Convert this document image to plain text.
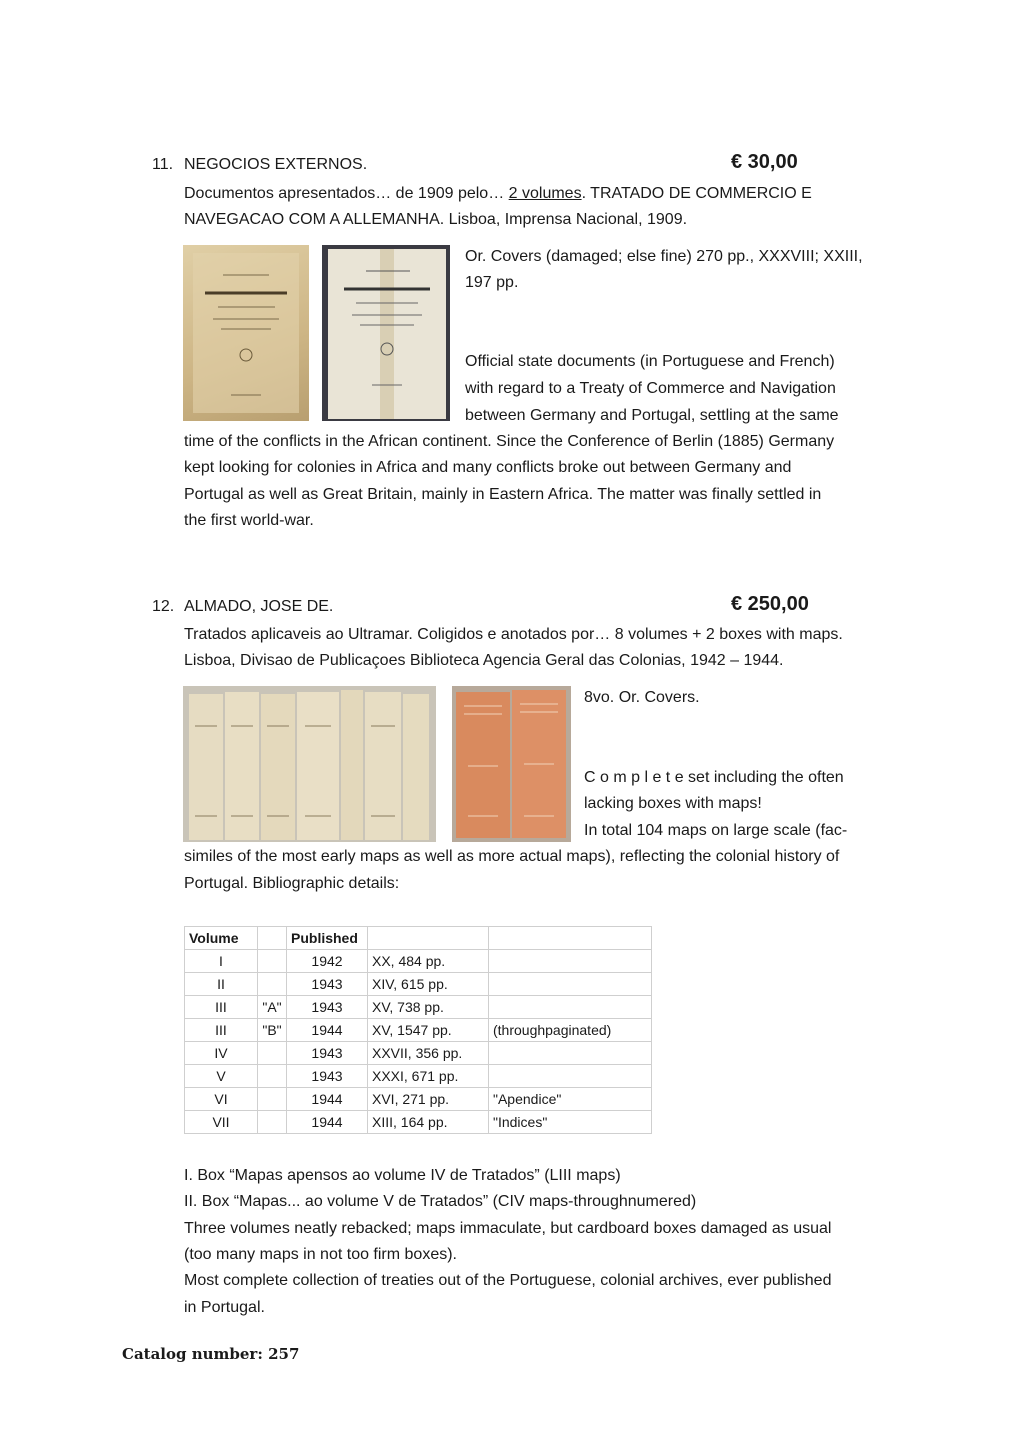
11. NEGOCIOS EXTERNOS.	€ 30,00
Documentos apresentados… de 1909 pelo… 2 volumes. TRATADO DE COMMERCIO E
NAVEGACAO COM A ALLEMANHA. Lisboa, Imprensa Nacional, 1909.
Or. Covers (damaged; else fine) 270 pp., XXXVIII; XXIII,
197 pp.
Official state documents (in Portuguese and French)
with regard to a Treaty of Commerce and Navigation
between Germany and Portugal, settling at the same
time of the conflicts in the African continent. Since the Conference of Berlin (1885) Germany
kept looking for colonies in Africa and many conflicts broke out between Germany and
Portugal as well as Great Britain, mainly in Eastern Africa. The matter was finally settled in
the first world-war.
12. ALMADO, JOSE DE.	€ 250,00
Tratados aplicaveis ao Ultramar. Coligidos e anotados por… 8 volumes + 2 boxes with maps.
Lisboa, Divisao de Publicaçoes Biblioteca Agencia Geral das Colonias, 1942 – 1944.
8vo. Or. Covers.
C o m p l e t e set including the often
lacking boxes with maps!
In total 104 maps on large scale (fac-
similes of the most early maps as well as more actual maps), reflecting the colonial history of
Portugal. Bibliographic details:
Volume		Published		
I		1942	XX, 484 pp.	
II		1943	XIV, 615 pp.	
III	"A"	1943	XV, 738 pp.	
III	"B"	1944	XV, 1547 pp.	(throughpaginated)
IV		1943	XXVII, 356 pp.	
V		1943	XXXI, 671 pp.	
VI		1944	XVI, 271 pp.	"Apendice"
VII		1944	XIII, 164 pp.	"Indices"
I. Box “Mapas apensos ao volume IV de Tratados” (LIII maps)
II. Box “Mapas... ao volume V de Tratados” (CIV maps-throughnumered)
Three volumes neatly rebacked; maps immaculate, but cardboard boxes damaged as usual
(too many maps in not too firm boxes).
Most complete collection of treaties out of the Portuguese, colonial archives, ever published
in Portugal.
Catalog number: 257
